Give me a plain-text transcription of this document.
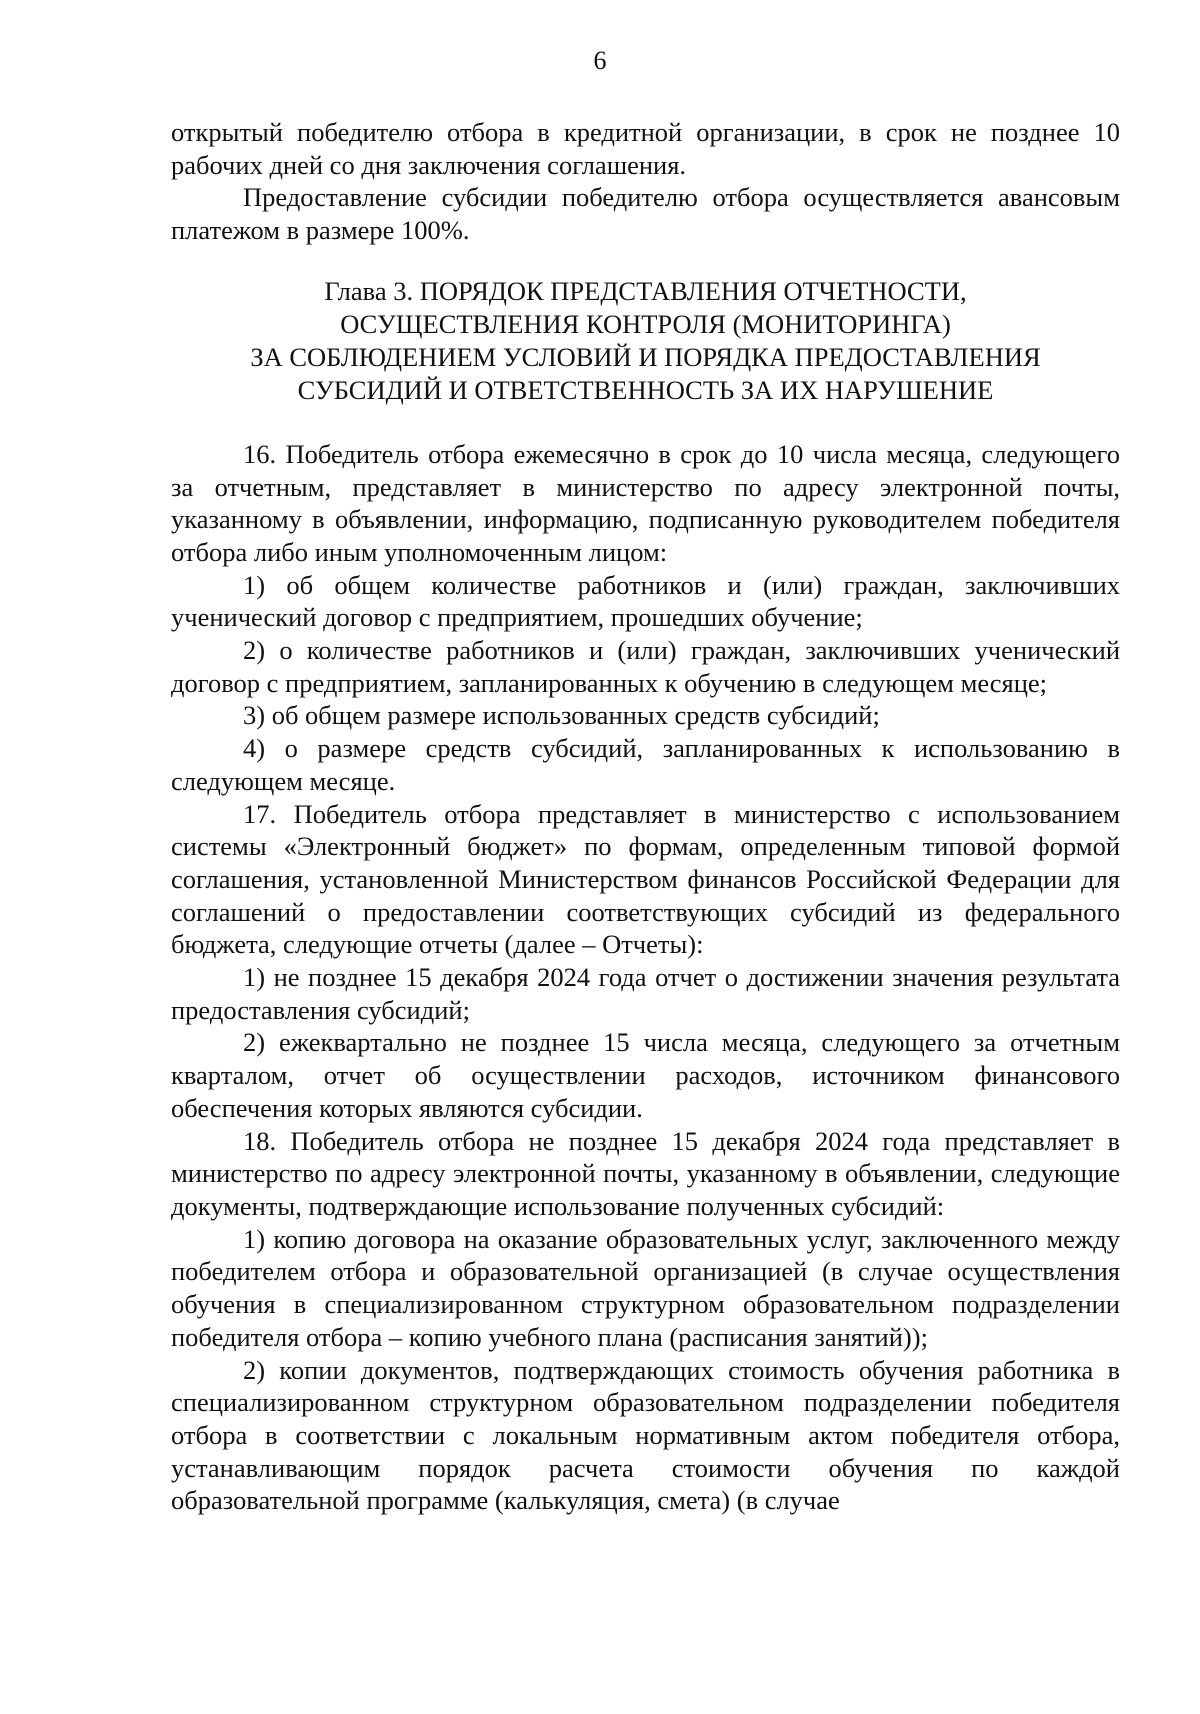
6

открытый победителю отбора в кредитной организации, в срок не позднее 10 рабочих дней со дня заключения соглашения.

Предоставление субсидии победителю отбора осуществляется авансовым платежом в размере 100%.

Глава 3. ПОРЯДОК ПРЕДСТАВЛЕНИЯ ОТЧЕТНОСТИ,
ОСУЩЕСТВЛЕНИЯ КОНТРОЛЯ (МОНИТОРИНГА)
ЗА СОБЛЮДЕНИЕМ УСЛОВИЙ И ПОРЯДКА ПРЕДОСТАВЛЕНИЯ
СУБСИДИЙ И ОТВЕТСТВЕННОСТЬ ЗА ИХ НАРУШЕНИЕ

16. Победитель отбора ежемесячно в срок до 10 числа месяца, следующего за отчетным, представляет в министерство по адресу электронной почты, указанному в объявлении, информацию, подписанную руководителем победителя отбора либо иным уполномоченным лицом:

1) об общем количестве работников и (или) граждан, заключивших ученический договор с предприятием, прошедших обучение;

2) о количестве работников и (или) граждан, заключивших ученический договор с предприятием, запланированных к обучению в следующем месяце;

3) об общем размере использованных средств субсидий;

4) о размере средств субсидий, запланированных к использованию в следующем месяце.

17. Победитель отбора представляет в министерство с использованием системы «Электронный бюджет» по формам, определенным типовой формой соглашения, установленной Министерством финансов Российской Федерации для соглашений о предоставлении соответствующих субсидий из федерального бюджета, следующие отчеты (далее – Отчеты):

1) не позднее 15 декабря 2024 года отчет о достижении значения результата предоставления субсидий;

2) ежеквартально не позднее 15 числа месяца, следующего за отчетным кварталом, отчет об осуществлении расходов, источником финансового обеспечения которых являются субсидии.

18. Победитель отбора не позднее 15 декабря 2024 года представляет в министерство по адресу электронной почты, указанному в объявлении, следующие документы, подтверждающие использование полученных субсидий:

1) копию договора на оказание образовательных услуг, заключенного между победителем отбора и образовательной организацией (в случае осуществления обучения в специализированном структурном образовательном подразделении победителя отбора – копию учебного плана (расписания занятий));

2) копии документов, подтверждающих стоимость обучения работника в специализированном структурном образовательном подразделении победителя отбора в соответствии с локальным нормативным актом победителя отбора, устанавливающим порядок расчета стоимости обучения по каждой образовательной программе (калькуляция, смета) (в случае
